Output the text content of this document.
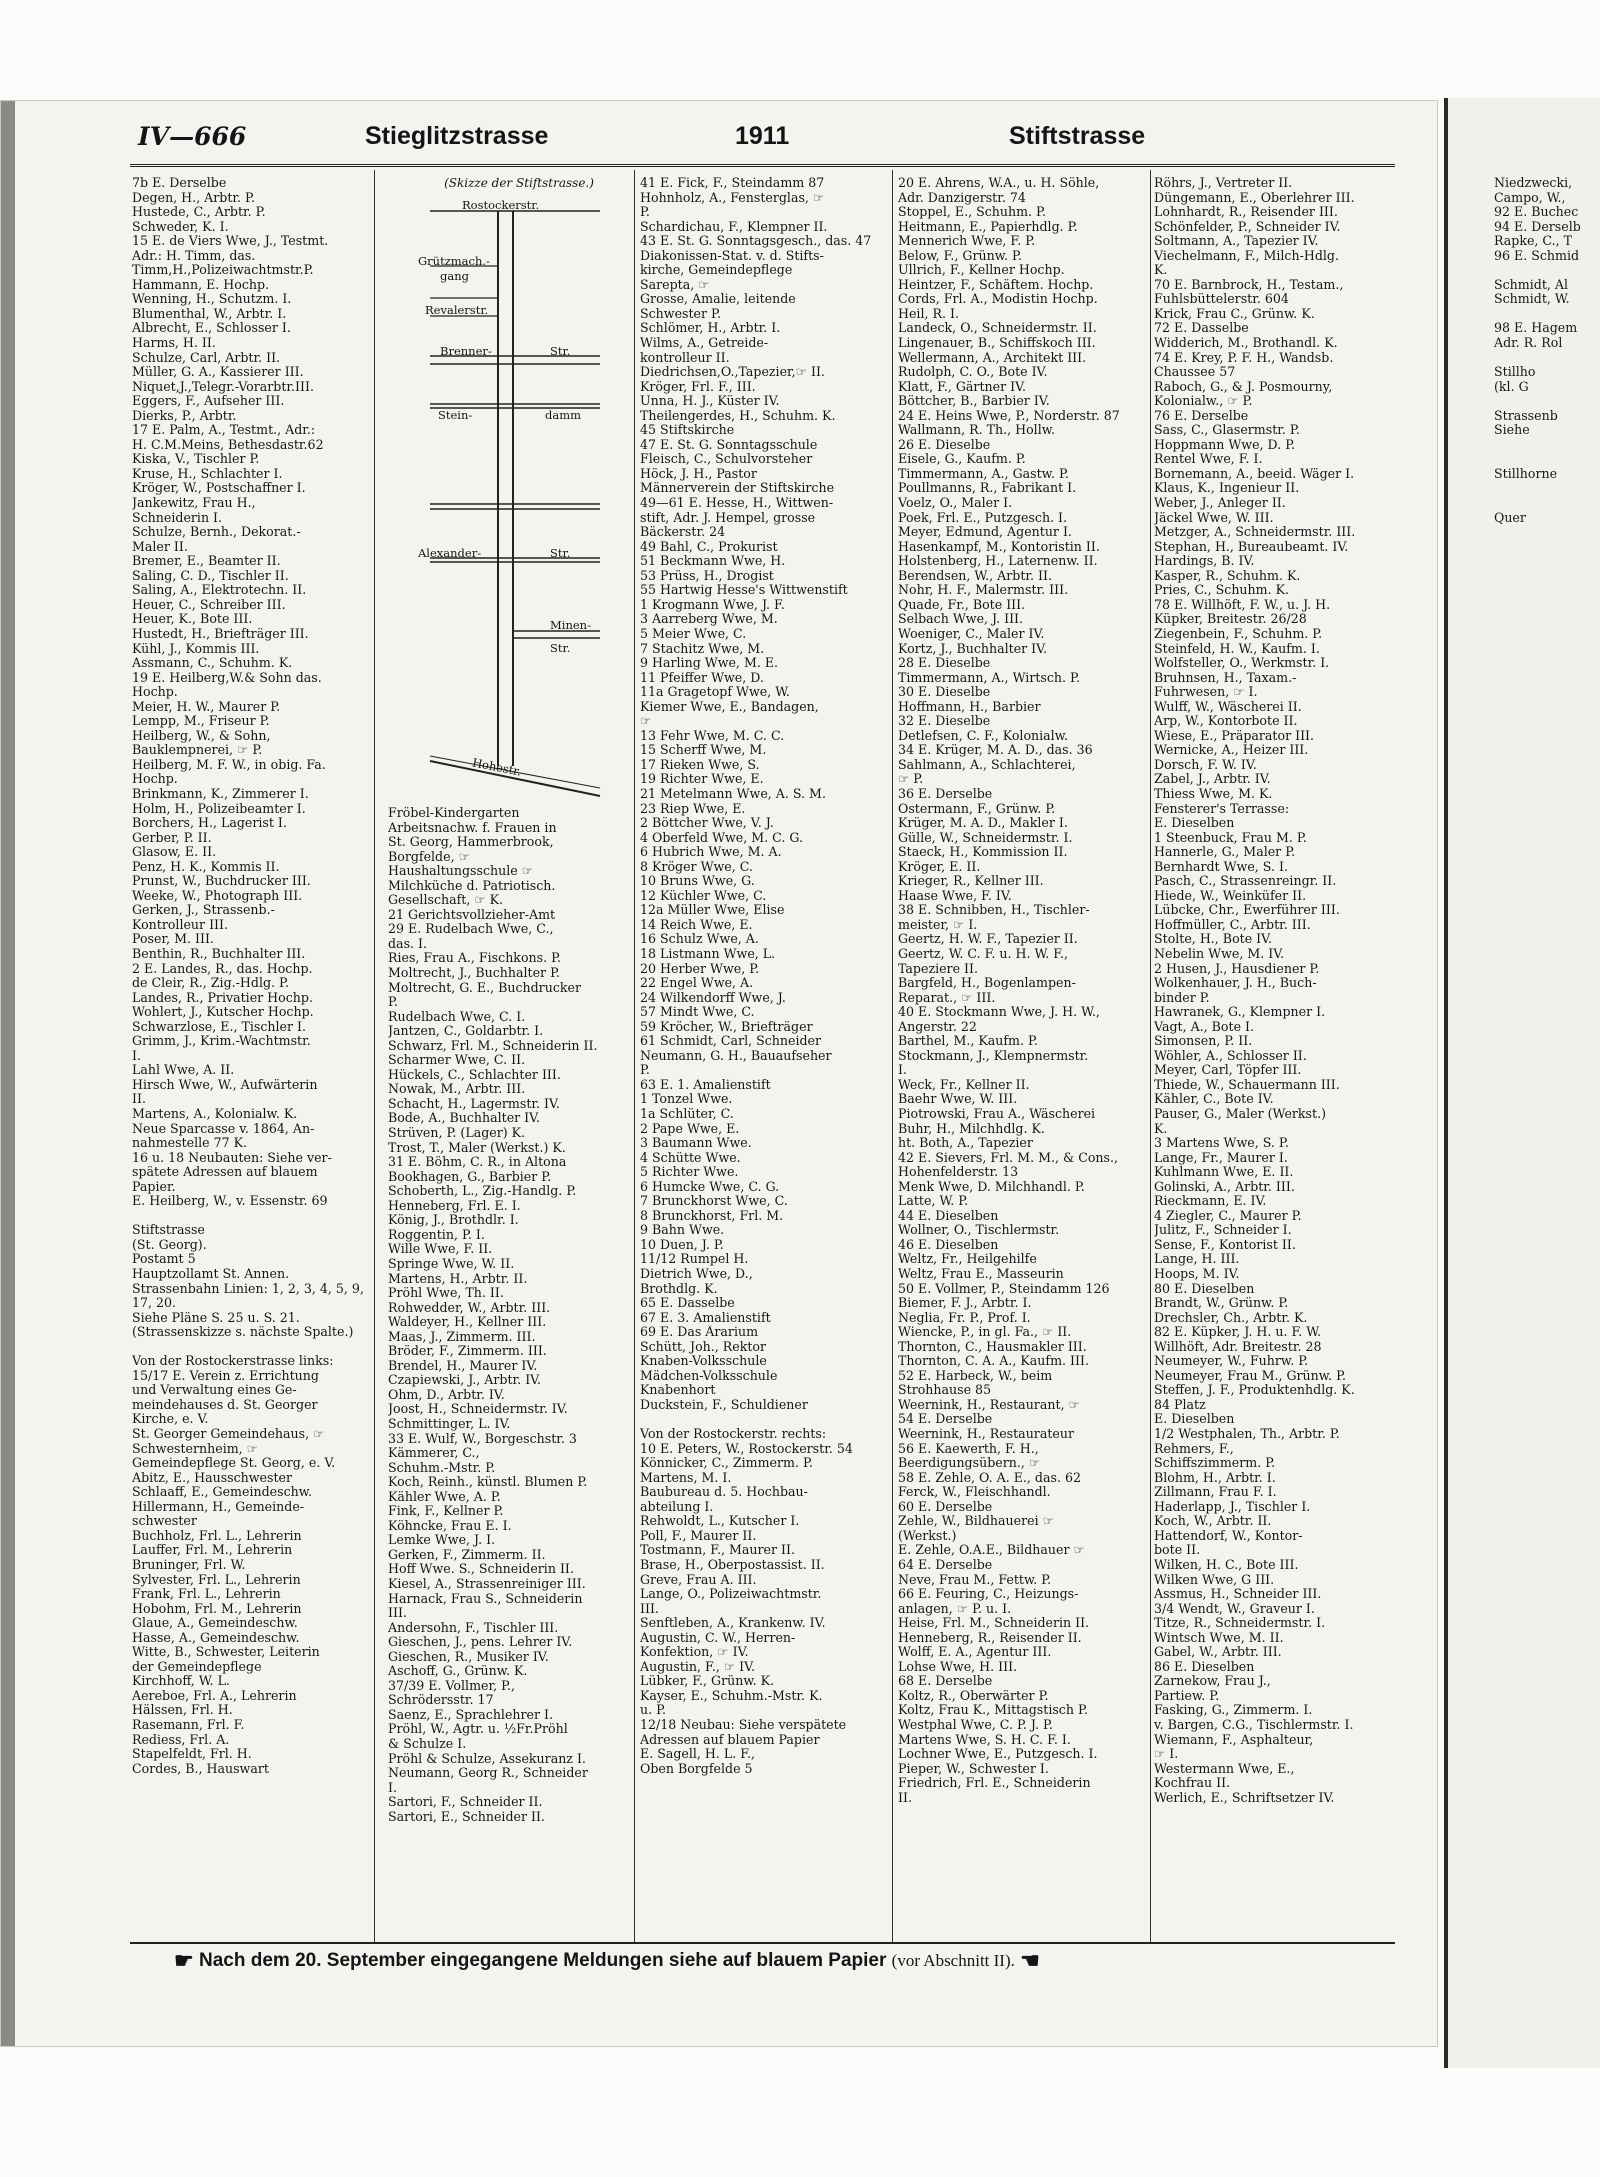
IV—666	Stieglitzstrasse	1911	Stiftstrasse
7b E. Derselbe
Degen, H., Arbtr. P.
Hustede, C., Arbtr. P.
Schweder, K. I.
15 E. de Viers Wwe, J., Testmt.
Adr.: H. Timm, das.
Timm,H.,Polizeiwachtmstr.P.
Hammann, E. Hochp.
Wenning, H., Schutzm. I.
Blumenthal, W., Arbtr. I.
Albrecht, E., Schlosser I.
Harms, H. II.
Schulze, Carl, Arbtr. II.
Müller, G. A., Kassierer III.
Niquet,J.,Telegr.-Vorarbtr.III.
Eggers, F., Aufseher III.
Dierks, P., Arbtr.
17 E. Palm, A., Testmt., Adr.:
H. C.M.Meins, Bethesdastr.62
Kiska, V., Tischler P.
Kruse, H., Schlachter I.
Kröger, W., Postschaffner I.
Jankewitz, Frau H.,
Schneiderin I.
Schulze, Bernh., Dekorat.-
Maler II.
Bremer, E., Beamter II.
Saling, C. D., Tischler II.
Saling, A., Elektrotechn. II.
Heuer, C., Schreiber III.
Heuer, K., Bote III.
Hustedt, H., Briefträger III.
Kühl, J., Kommis III.
Assmann, C., Schuhm. K.
19 E. Heilberg,W.& Sohn das.
Hochp.
Meier, H. W., Maurer P.
Lempp, M., Friseur P.
Heilberg, W., & Sohn,
Bauklempnerei, ☞ P.
Heilberg, M. F. W., in obig. Fa.
Hochp.
Brinkmann, K., Zimmerer I.
Holm, H., Polizeibeamter I.
Borchers, H., Lagerist I.
Gerber, P. II.
Glasow, E. II.
Penz, H. K., Kommis II.
Prunst, W., Buchdrucker III.
Weeke, W., Photograph III.
Gerken, J., Strassenb.-
Kontrolleur III.
Poser, M. III.
Benthin, R., Buchhalter III.
2 E. Landes, R., das. Hochp.
de Cleir, R., Zig.-Hdlg. P.
Landes, R., Privatier Hochp.
Wohlert, J., Kutscher Hochp.
Schwarzlose, E., Tischler I.
Grimm, J., Krim.-Wachtmstr.
I.
Lahl Wwe, A. II.
Hirsch Wwe, W., Aufwärterin
II.
Martens, A., Kolonialw. K.
Neue Sparcasse v. 1864, An-
nahmestelle 77 K.
16 u. 18 Neubauten: Siehe ver-
spätete Adressen auf blauem
Papier.
E. Heilberg, W., v. Essenstr. 69

Stiftstrasse
(St. Georg).
Postamt 5
Hauptzollamt St. Annen.
Strassenbahn Linien: 1, 2, 3, 4, 5, 9,
17, 20.
Siehe Pläne S. 25 u. S. 21.
(Strassenskizze s. nächste Spalte.)

Von der Rostockerstrasse links:
15/17 E. Verein z. Errichtung
und Verwaltung eines Ge-
meindehauses d. St. Georger
Kirche, e. V.
St. Georger Gemeindehaus, ☞
Schwesternheim, ☞
Gemeindepflege St. Georg, e. V.
Abitz, E., Hausschwester
Schlaaff, E., Gemeindeschw.
Hillermann, H., Gemeinde-
schwester
Buchholz, Frl. L., Lehrerin
Lauffer, Frl. M., Lehrerin
Bruninger, Frl. W.
Sylvester, Frl. L., Lehrerin
Frank, Frl. L., Lehrerin
Hobohm, Frl. M., Lehrerin
Glaue, A., Gemeindeschw.
Hasse, A., Gemeindeschw.
Witte, B., Schwester, Leiterin
der Gemeindepflege
Kirchhoff, W. L.
Aereboe, Frl. A., Lehrerin
Hälssen, Frl. H.
Rasemann, Frl. F.
Rediess, Frl. A.
Stapelfeldt, Frl. H.
Cordes, B., Hauswart
(Skizze der Stiftstrasse.)
Rostockerstr.
Grützmach.-
gang
Revalerstr.
Brenner-	Str.
Stein-	damm
Alexander-	Str.
Minen-
Str.
Hohestr.
Fröbel-Kindergarten
Arbeitsnachw. f. Frauen in
St. Georg, Hammerbrook,
Borgfelde, ☞
Haushaltungsschule ☞
Milchküche d. Patriotisch.
Gesellschaft, ☞ K.
21 Gerichtsvollzieher-Amt
29 E. Rudelbach Wwe, C.,
das. I.
Ries, Frau A., Fischkons. P.
Moltrecht, J., Buchhalter P.
Moltrecht, G. E., Buchdrucker
P.
Rudelbach Wwe, C. I.
Jantzen, C., Goldarbtr. I.
Schwarz, Frl. M., Schneiderin II.
Scharmer Wwe, C. II.
Hückels, C., Schlachter III.
Nowak, M., Arbtr. III.
Schacht, H., Lagermstr. IV.
Bode, A., Buchhalter IV.
Strüven, P. (Lager) K.
Trost, T., Maler (Werkst.) K.
31 E. Böhm, C. R., in Altona
Bookhagen, G., Barbier P.
Schoberth, L., Zig.-Handlg. P.
Henneberg, Frl. E. I.
König, J., Brothdlr. I.
Roggentin, P. I.
Wille Wwe, F. II.
Springe Wwe, W. II.
Martens, H., Arbtr. II.
Pröhl Wwe, Th. II.
Rohwedder, W., Arbtr. III.
Waldeyer, H., Kellner III.
Maas, J., Zimmerm. III.
Bröder, F., Zimmerm. III.
Brendel, H., Maurer IV.
Czapiewski, J., Arbtr. IV.
Ohm, D., Arbtr. IV.
Joost, H., Schneidermstr. IV.
Schmittinger, L. IV.
33 E. Wulf, W., Borgeschstr. 3
Kämmerer, C.,
Schuhm.-Mstr. P.
Koch, Reinh., künstl. Blumen P.
Kähler Wwe, A. P.
Fink, F., Kellner P.
Köhncke, Frau E. I.
Lemke Wwe, J. I.
Gerken, F., Zimmerm. II.
Hoff Wwe. S., Schneiderin II.
Kiesel, A., Strassenreiniger III.
Harnack, Frau S., Schneiderin
III.
Andersohn, F., Tischler III.
Gieschen, J., pens. Lehrer IV.
Gieschen, R., Musiker IV.
Aschoff, G., Grünw. K.
37/39 E. Vollmer, P.,
Schrödersstr. 17
Saenz, E., Sprachlehrer I.
Pröhl, W., Agtr. u. ½Fr.Pröhl
& Schulze I.
Pröhl & Schulze, Assekuranz I.
Neumann, Georg R., Schneider
I.
Sartori, F., Schneider II.
Sartori, E., Schneider II.
41 E. Fick, F., Steindamm 87
Hohnholz, A., Fensterglas, ☞
P.
Schardichau, F., Klempner II.
43 E. St. G. Sonntagsgesch., das. 47
Diakonissen-Stat. v. d. Stifts-
kirche, Gemeindepflege
Sarepta, ☞
Grosse, Amalie, leitende
Schwester P.
Schlömer, H., Arbtr. I.
Wilms, A., Getreide-
kontrolleur II.
Diedrichsen,O.,Tapezier,☞ II.
Kröger, Frl. F., III.
Unna, H. J., Küster IV.
Theilengerdes, H., Schuhm. K.
45 Stiftskirche
47 E. St. G. Sonntagsschule
Fleisch, C., Schulvorsteher
Höck, J. H., Pastor
Männerverein der Stiftskirche
49—61 E. Hesse, H., Wittwen-
stift, Adr. J. Hempel, grosse
Bäckerstr. 24
49 Bahl, C., Prokurist
51 Beckmann Wwe, H.
53 Prüss, H., Drogist
55 Hartwig Hesse's Wittwenstift
1 Krogmann Wwe, J. F.
3 Aarreberg Wwe, M.
5 Meier Wwe, C.
7 Stachitz Wwe, M.
9 Harling Wwe, M. E.
11 Pfeiffer Wwe, D.
11a Gragetopf Wwe, W.
Kiemer Wwe, E., Bandagen,
☞
13 Fehr Wwe, M. C. C.
15 Scherff Wwe, M.
17 Rieken Wwe, S.
19 Richter Wwe, E.
21 Metelmann Wwe, A. S. M.
23 Riep Wwe, E.
2 Böttcher Wwe, V. J.
4 Oberfeld Wwe, M. C. G.
6 Hubrich Wwe, M. A.
8 Kröger Wwe, C.
10 Bruns Wwe, G.
12 Küchler Wwe, C.
12a Müller Wwe, Elise
14 Reich Wwe, E.
16 Schulz Wwe, A.
18 Listmann Wwe, L.
20 Herber Wwe, P.
22 Engel Wwe, A.
24 Wilkendorff Wwe, J.
57 Mindt Wwe, C.
59 Kröcher, W., Briefträger
61 Schmidt, Carl, Schneider
Neumann, G. H., Bauaufseher
P.
63 E. 1. Amalienstift
1 Tonzel Wwe.
1a Schlüter, C.
2 Pape Wwe, E.
3 Baumann Wwe.
4 Schütte Wwe.
5 Richter Wwe.
6 Humcke Wwe, C. G.
7 Brunckhorst Wwe, C.
8 Brunckhorst, Frl. M.
9 Bahn Wwe.
10 Duen, J. P.
11/12 Rumpel H.
Dietrich Wwe, D.,
Brothdlg. K.
65 E. Dasselbe
67 E. 3. Amalienstift
69 E. Das Ärarium
Schütt, Joh., Rektor
Knaben-Volksschule
Mädchen-Volksschule
Knabenhort
Duckstein, F., Schuldiener

Von der Rostockerstr. rechts:
10 E. Peters, W., Rostockerstr. 54
Könnicker, C., Zimmerm. P.
Martens, M. I.
Baubureau d. 5. Hochbau-
abteilung I.
Rehwoldt, L., Kutscher I.
Poll, F., Maurer II.
Tostmann, F., Maurer II.
Brase, H., Oberpostassist. II.
Greve, Frau A. III.
Lange, O., Polizeiwachtmstr.
III.
Senftleben, A., Krankenw. IV.
Augustin, C. W., Herren-
Konfektion, ☞ IV.
Augustin, F., ☞ IV.
Lübker, F., Grünw. K.
Kayser, E., Schuhm.-Mstr. K.
u. P.
12/18 Neubau: Siehe verspätete
Adressen auf blauem Papier
E. Sagell, H. L. F.,
Oben Borgfelde 5
20 E. Ahrens, W.A., u. H. Söhle,
Adr. Danzigerstr. 74
Stoppel, E., Schuhm. P.
Heitmann, E., Papierhdlg. P.
Mennerich Wwe, F. P.
Below, F., Grünw. P.
Ullrich, F., Kellner Hochp.
Heintzer, F., Schäftem. Hochp.
Cords, Frl. A., Modistin Hochp.
Heil, R. I.
Landeck, O., Schneidermstr. II.
Lingenauer, B., Schiffskoch III.
Wellermann, A., Architekt III.
Rudolph, C. O., Bote IV.
Klatt, F., Gärtner IV.
Böttcher, B., Barbier IV.
24 E. Heins Wwe, P., Norderstr. 87
Wallmann, R. Th., Hollw.
26 E. Dieselbe
Eisele, G., Kaufm. P.
Timmermann, A., Gastw. P.
Poullmanns, R., Fabrikant I.
Voelz, O., Maler I.
Poek, Frl. E., Putzgesch. I.
Meyer, Edmund, Agentur I.
Hasenkampf, M., Kontoristin II.
Holstenberg, H., Laternenw. II.
Berendsen, W., Arbtr. II.
Nohr, H. F., Malermstr. III.
Quade, Fr., Bote III.
Selbach Wwe, J. III.
Woeniger, C., Maler IV.
Kortz, J., Buchhalter IV.
28 E. Dieselbe
Timmermann, A., Wirtsch. P.
30 E. Dieselbe
Hoffmann, H., Barbier
32 E. Dieselbe
Detlefsen, C. F., Kolonialw.
34 E. Krüger, M. A. D., das. 36
Sahlmann, A., Schlachterei,
☞ P.
36 E. Derselbe
Ostermann, F., Grünw. P.
Krüger, M. A. D., Makler I.
Gülle, W., Schneidermstr. I.
Staeck, H., Kommission II.
Kröger, E. II.
Krieger, R., Kellner III.
Haase Wwe, F. IV.
38 E. Schnibben, H., Tischler-
meister, ☞ I.
Geertz, H. W. F., Tapezier II.
Geertz, W. C. F. u. H. W. F.,
Tapeziere II.
Bargfeld, H., Bogenlampen-
Reparat., ☞ III.
40 E. Stockmann Wwe, J. H. W.,
Angerstr. 22
Barthel, M., Kaufm. P.
Stockmann, J., Klempnermstr.
I.
Weck, Fr., Kellner II.
Baehr Wwe, W. III.
Piotrowski, Frau A., Wäscherei
Buhr, H., Milchhdlg. K.
ht. Both, A., Tapezier
42 E. Sievers, Frl. M. M., & Cons.,
Hohenfelderstr. 13
Menk Wwe, D. Milchhandl. P.
Latte, W. P.
44 E. Dieselben
Wollner, O., Tischlermstr.
46 E. Dieselben
Weltz, Fr., Heilgehilfe
Weltz, Frau E., Masseurin
50 E. Vollmer, P., Steindamm 126
Biemer, F. J., Arbtr. I.
Neglia, Fr. P., Prof. I.
Wiencke, P., in gl. Fa., ☞ II.
Thornton, C., Hausmakler III.
Thornton, C. A. A., Kaufm. III.
52 E. Harbeck, W., beim
Strohhause 85
Weernink, H., Restaurant, ☞
54 E. Derselbe
Weernink, H., Restaurateur
56 E. Kaewerth, F. H.,
Beerdigungsübern., ☞
58 E. Zehle, O. A. E., das. 62
Ferck, W., Fleischhandl.
60 E. Derselbe
Zehle, W., Bildhauerei ☞
(Werkst.)
E. Zehle, O.A.E., Bildhauer ☞
64 E. Derselbe
Neve, Frau M., Fettw. P.
66 E. Feuring, C., Heizungs-
anlagen, ☞ P. u. I.
Heise, Frl. M., Schneiderin II.
Henneberg, R., Reisender II.
Wolff, E. A., Agentur III.
Lohse Wwe, H. III.
68 E. Derselbe
Koltz, R., Oberwärter P.
Koltz, Frau K., Mittagstisch P.
Westphal Wwe, C. P. J. P.
Martens Wwe, S. H. C. F. I.
Lochner Wwe, E., Putzgesch. I.
Pieper, W., Schwester I.
Friedrich, Frl. E., Schneiderin
II.
Röhrs, J., Vertreter II.
Düngemann, E., Oberlehrer III.
Lohnhardt, R., Reisender III.
Schönfelder, P., Schneider IV.
Soltmann, A., Tapezier IV.
Viechelmann, F., Milch-Hdlg.
K.
70 E. Barnbrock, H., Testam.,
Fuhlsbüttelerstr. 604
Krick, Frau C., Grünw. K.
72 E. Dasselbe
Widderich, M., Brothandl. K.
74 E. Krey, P. F. H., Wandsb.
Chaussee 57
Raboch, G., & J. Posmourny,
Kolonialw., ☞ P.
76 E. Derselbe
Sass, C., Glasermstr. P.
Hoppmann Wwe, D. P.
Rentel Wwe, F. I.
Bornemann, A., beeid. Wäger I.
Klaus, K., Ingenieur II.
Weber, J., Anleger II.
Jäckel Wwe, W. III.
Metzger, A., Schneidermstr. III.
Stephan, H., Bureaubeamt. IV.
Hardings, B. IV.
Kasper, R., Schuhm. K.
Pries, C., Schuhm. K.
78 E. Willhöft, F. W., u. J. H.
Küpker, Breitestr. 26/28
Ziegenbein, F., Schuhm. P.
Steinfeld, H. W., Kaufm. I.
Wolfsteller, O., Werkmstr. I.
Bruhnsen, H., Taxam.-
Fuhrwesen, ☞ I.
Wulff, W., Wäscherei II.
Arp, W., Kontorbote II.
Wiese, E., Präparator III.
Wernicke, A., Heizer III.
Dorsch, F. W. IV.
Zabel, J., Arbtr. IV.
Thiess Wwe, M. K.
Fensterer's Terrasse:
E. Dieselben
1 Steenbuck, Frau M. P.
Hannerle, G., Maler P.
Bernhardt Wwe, S. I.
Pasch, C., Strassenreingr. II.
Hiede, W., Weinküfer II.
Lübcke, Chr., Ewerführer III.
Hoffmüller, C., Arbtr. III.
Stolte, H., Bote IV.
Nebelin Wwe, M. IV.
2 Husen, J., Hausdiener P.
Wolkenhauer, J. H., Buch-
binder P.
Hawranek, G., Klempner I.
Vagt, A., Bote I.
Simonsen, P. II.
Wöhler, A., Schlosser II.
Meyer, Carl, Töpfer III.
Thiede, W., Schauermann III.
Kähler, C., Bote IV.
Pauser, G., Maler (Werkst.)
K.
3 Martens Wwe, S. P.
Lange, Fr., Maurer I.
Kuhlmann Wwe, E. II.
Golinski, A., Arbtr. III.
Rieckmann, E. IV.
4 Ziegler, C., Maurer P.
Julitz, F., Schneider I.
Sense, F., Kontorist II.
Lange, H. III.
Hoops, M. IV.
80 E. Dieselben
Brandt, W., Grünw. P.
Drechsler, Ch., Arbtr. K.
82 E. Küpker, J. H. u. F. W.
Willhöft, Adr. Breitestr. 28
Neumeyer, W., Fuhrw. P.
Neumeyer, Frau M., Grünw. P.
Steffen, J. F., Produktenhdlg. K.
84 Platz
E. Dieselben
1/2 Westphalen, Th., Arbtr. P.
Rehmers, F.,
Schiffszimmerm. P.
Blohm, H., Arbtr. I.
Zillmann, Frau F. I.
Haderlapp, J., Tischler I.
Koch, W., Arbtr. II.
Hattendorf, W., Kontor-
bote II.
Wilken, H. C., Bote III.
Wilken Wwe, G III.
Assmus, H., Schneider III.
3/4 Wendt, W., Graveur I.
Titze, R., Schneidermstr. I.
Wintsch Wwe, M. II.
Gabel, W., Arbtr. III.
86 E. Dieselben
Zarnekow, Frau J.,
Partiew. P.
Fasking, G., Zimmerm. I.
v. Bargen, C.G., Tischlermstr. I.
Wiemann, F., Asphalteur,
☞ I.
Westermann Wwe, E.,
Kochfrau II.
Werlich, E., Schriftsetzer IV.
Niedzwecki,
Campo, W.,
92 E. Buchec
94 E. Derselb
Rapke, C., T
96 E. Schmid

Schmidt, Al
Schmidt, W.

98 E. Hagem
Adr. R. Rol

Stillho
(kl. G

Strassenb
Siehe

Stillhorne

Quer
☛ Nach dem 20. September eingegangene Meldungen siehe auf blauem Papier (vor Abschnitt II). ☚
